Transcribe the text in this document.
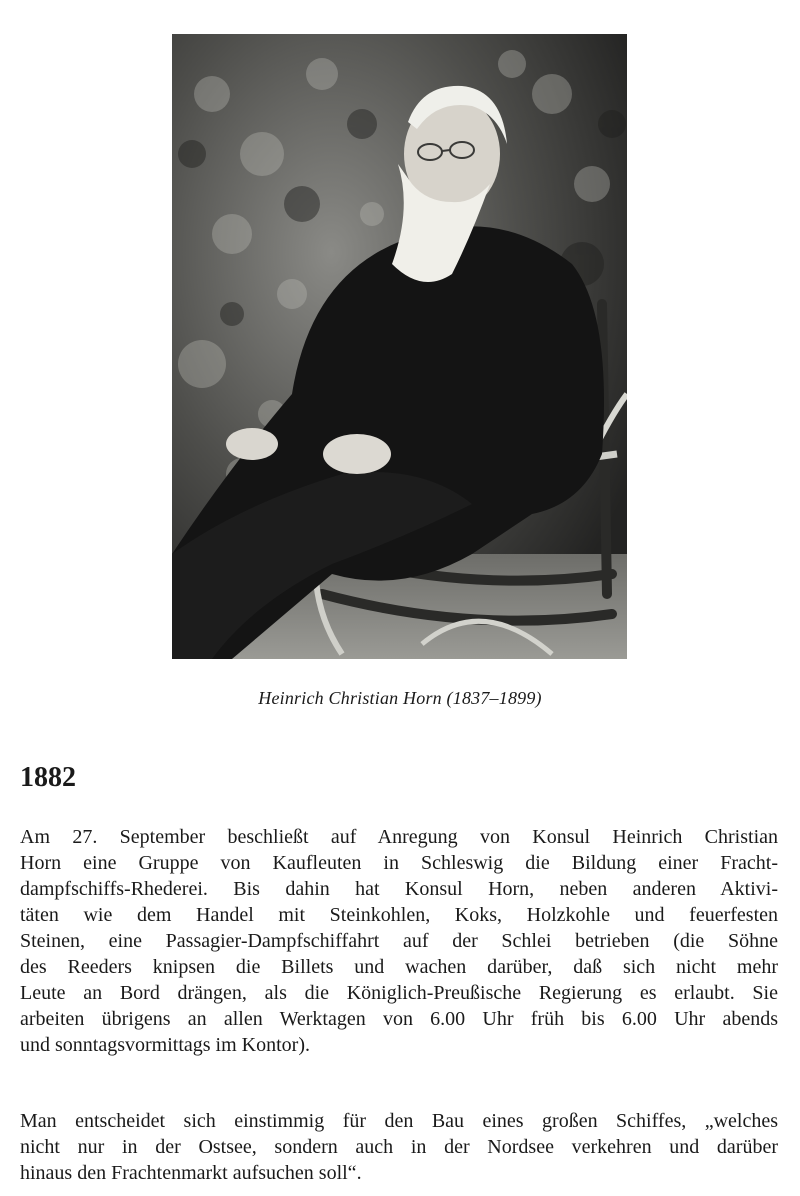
Heinrich Christian Horn (1837–1899)
1882

Am 27. September beschließt auf Anregung von Konsul Heinrich Christian
Horn eine Gruppe von Kaufleuten in Schleswig die Bildung einer Fracht-
dampfschiffs-Rhederei. Bis dahin hat Konsul Horn, neben anderen Aktivi-
täten wie dem Handel mit Steinkohlen, Koks, Holzkohle und feuerfesten
Steinen, eine Passagier-Dampfschiffahrt auf der Schlei betrieben (die Söhne
des Reeders knipsen die Billets und wachen darüber, daß sich nicht mehr
Leute an Bord drängen, als die Königlich-Preußische Regierung es erlaubt. Sie
arbeiten übrigens an allen Werktagen von 6.00 Uhr früh bis 6.00 Uhr abends
und sonntagsvormittags im Kontor).

Man entscheidet sich einstimmig für den Bau eines großen Schiffes, „welches
nicht nur in der Ostsee, sondern auch in der Nordsee verkehren und darüber
hinaus den Frachtenmarkt aufsuchen soll“.
